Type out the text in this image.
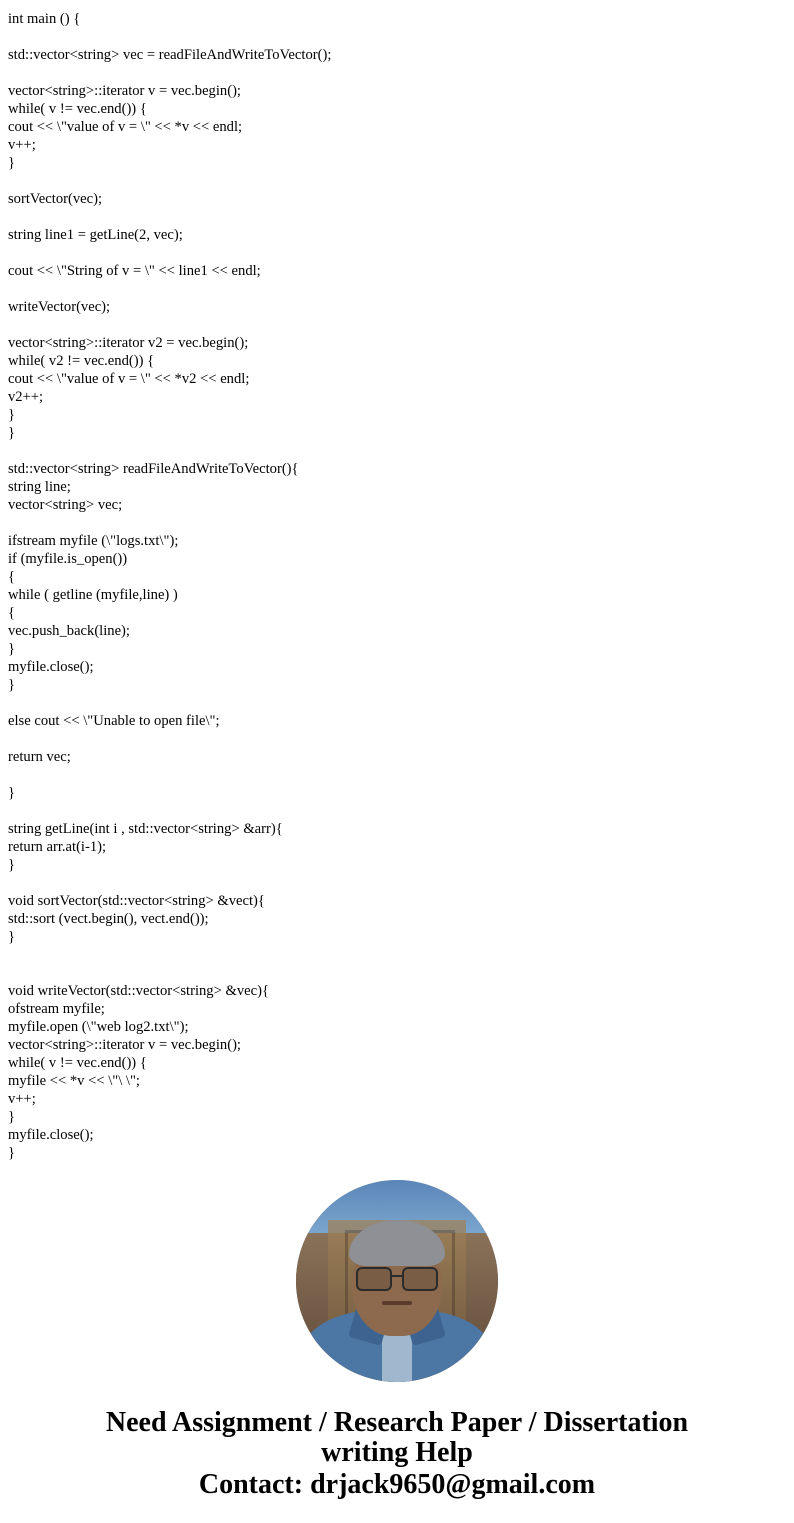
int main () {
std::vector<string> vec = readFileAndWriteToVector();
vector<string>::iterator v = vec.begin();
while( v != vec.end()) {
cout << \"value of v = \" << *v << endl;
v++;
}
sortVector(vec);
string line1 = getLine(2, vec);
cout << \"String of v = \" << line1 << endl;
writeVector(vec);
vector<string>::iterator v2 = vec.begin();
while( v2 != vec.end()) {
cout << \"value of v = \" << *v2 << endl;
v2++;
}
}
std::vector<string> readFileAndWriteToVector(){
string line;
vector<string> vec;
ifstream myfile (\"logs.txt\");
if (myfile.is_open())
{
while ( getline (myfile,line) )
{
vec.push_back(line);
}
myfile.close();
}
else cout << \"Unable to open file\";
return vec;
}
string getLine(int i , std::vector<string> &arr){
return arr.at(i-1);
}
void sortVector(std::vector<string> &vect){
std::sort (vect.begin(), vect.end());
}
void writeVector(std::vector<string> &vec){
ofstream myfile;
myfile.open (\"web log2.txt\");
vector<string>::iterator v = vec.begin();
while( v != vec.end()) {
myfile << *v << \"\ \";
v++;
}
myfile.close();
}
Need Assignment / Research Paper / Dissertation
writing Help
Contact: drjack9650@gmail.com
